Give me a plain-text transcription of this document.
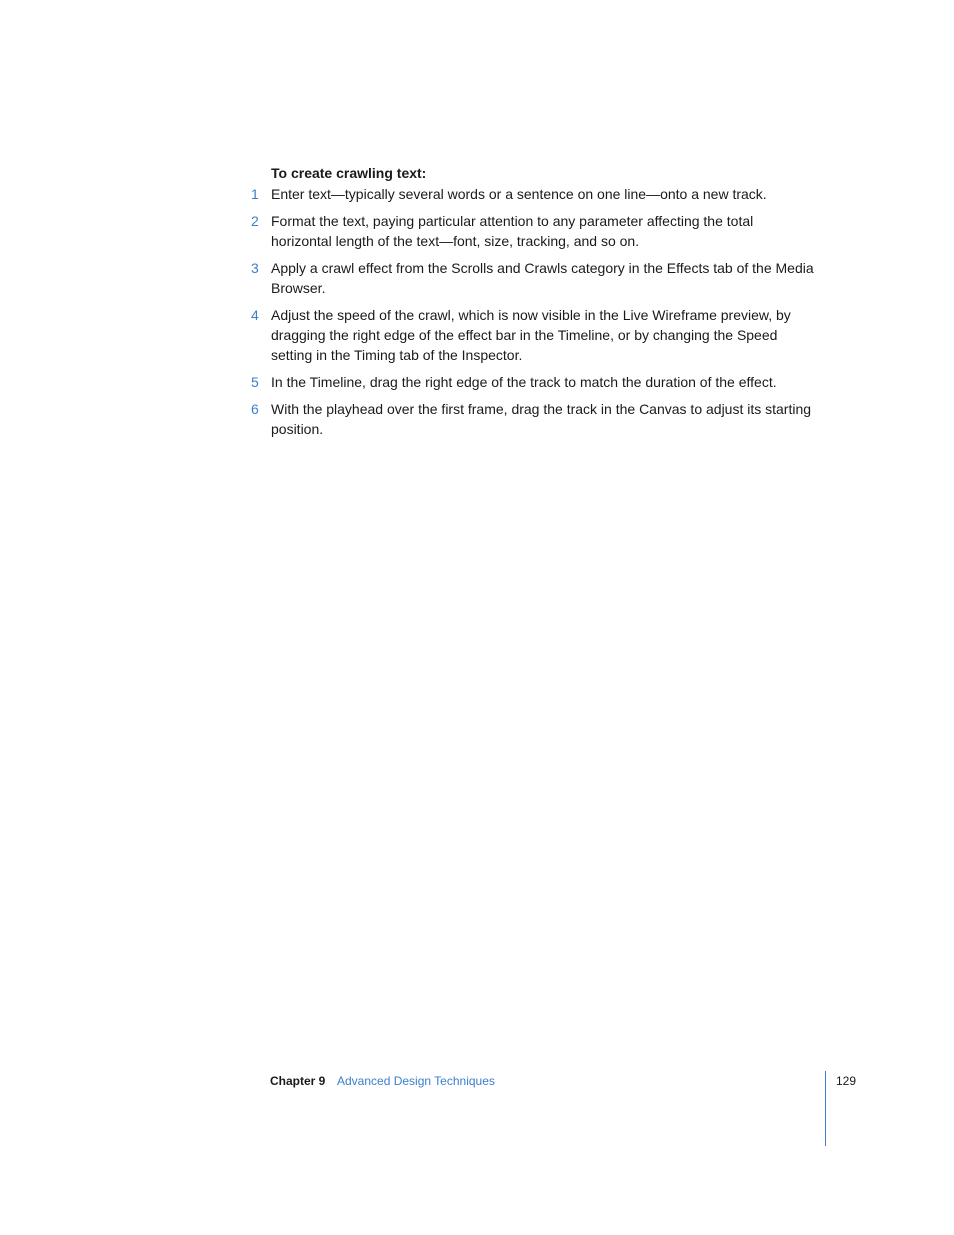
To create crawling text:
1 Enter text—typically several words or a sentence on one line—onto a new track.
2 Format the text, paying particular attention to any parameter affecting the total horizontal length of the text—font, size, tracking, and so on.
3 Apply a crawl effect from the Scrolls and Crawls category in the Effects tab of the Media Browser.
4 Adjust the speed of the crawl, which is now visible in the Live Wireframe preview, by dragging the right edge of the effect bar in the Timeline, or by changing the Speed setting in the Timing tab of the Inspector.
5 In the Timeline, drag the right edge of the track to match the duration of the effect.
6 With the playhead over the first frame, drag the track in the Canvas to adjust its starting position.
Chapter 9 Advanced Design Techniques	129
